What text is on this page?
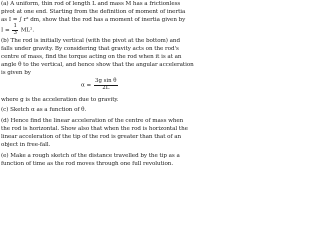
(a) A uniform, thin rod of length L and mass M has a frictionless
pivot at one end. Starting from the definition of moment of inertia
as I = ∫ r² dm, show that the rod has a moment of inertia given by
$I = \frac{1}{3} ML^2$.
(b) The rod is initially vertical (with the pivot at the bottom) and
falls under gravity. By considering that gravity acts on the rod's
centre of mass, find the torque acting on the rod when it is at an
angle θ to the vertical, and hence show that the angular acceleration
is given by
$\alpha = \frac{\text{3g sin θ}}{2L}$
where g is the acceleration due to gravity.
(c) Sketch α as a function of θ.
(d) Hence find the linear acceleration of the centre of mass when
the rod is horizontal. Show also that when the rod is horizontal the
linear acceleration of the tip of the rod is greater than that of an
object in free-fall.
(e) Make a rough sketch of the distance travelled by the tip as a
function of time as the rod moves through one full revolution.
